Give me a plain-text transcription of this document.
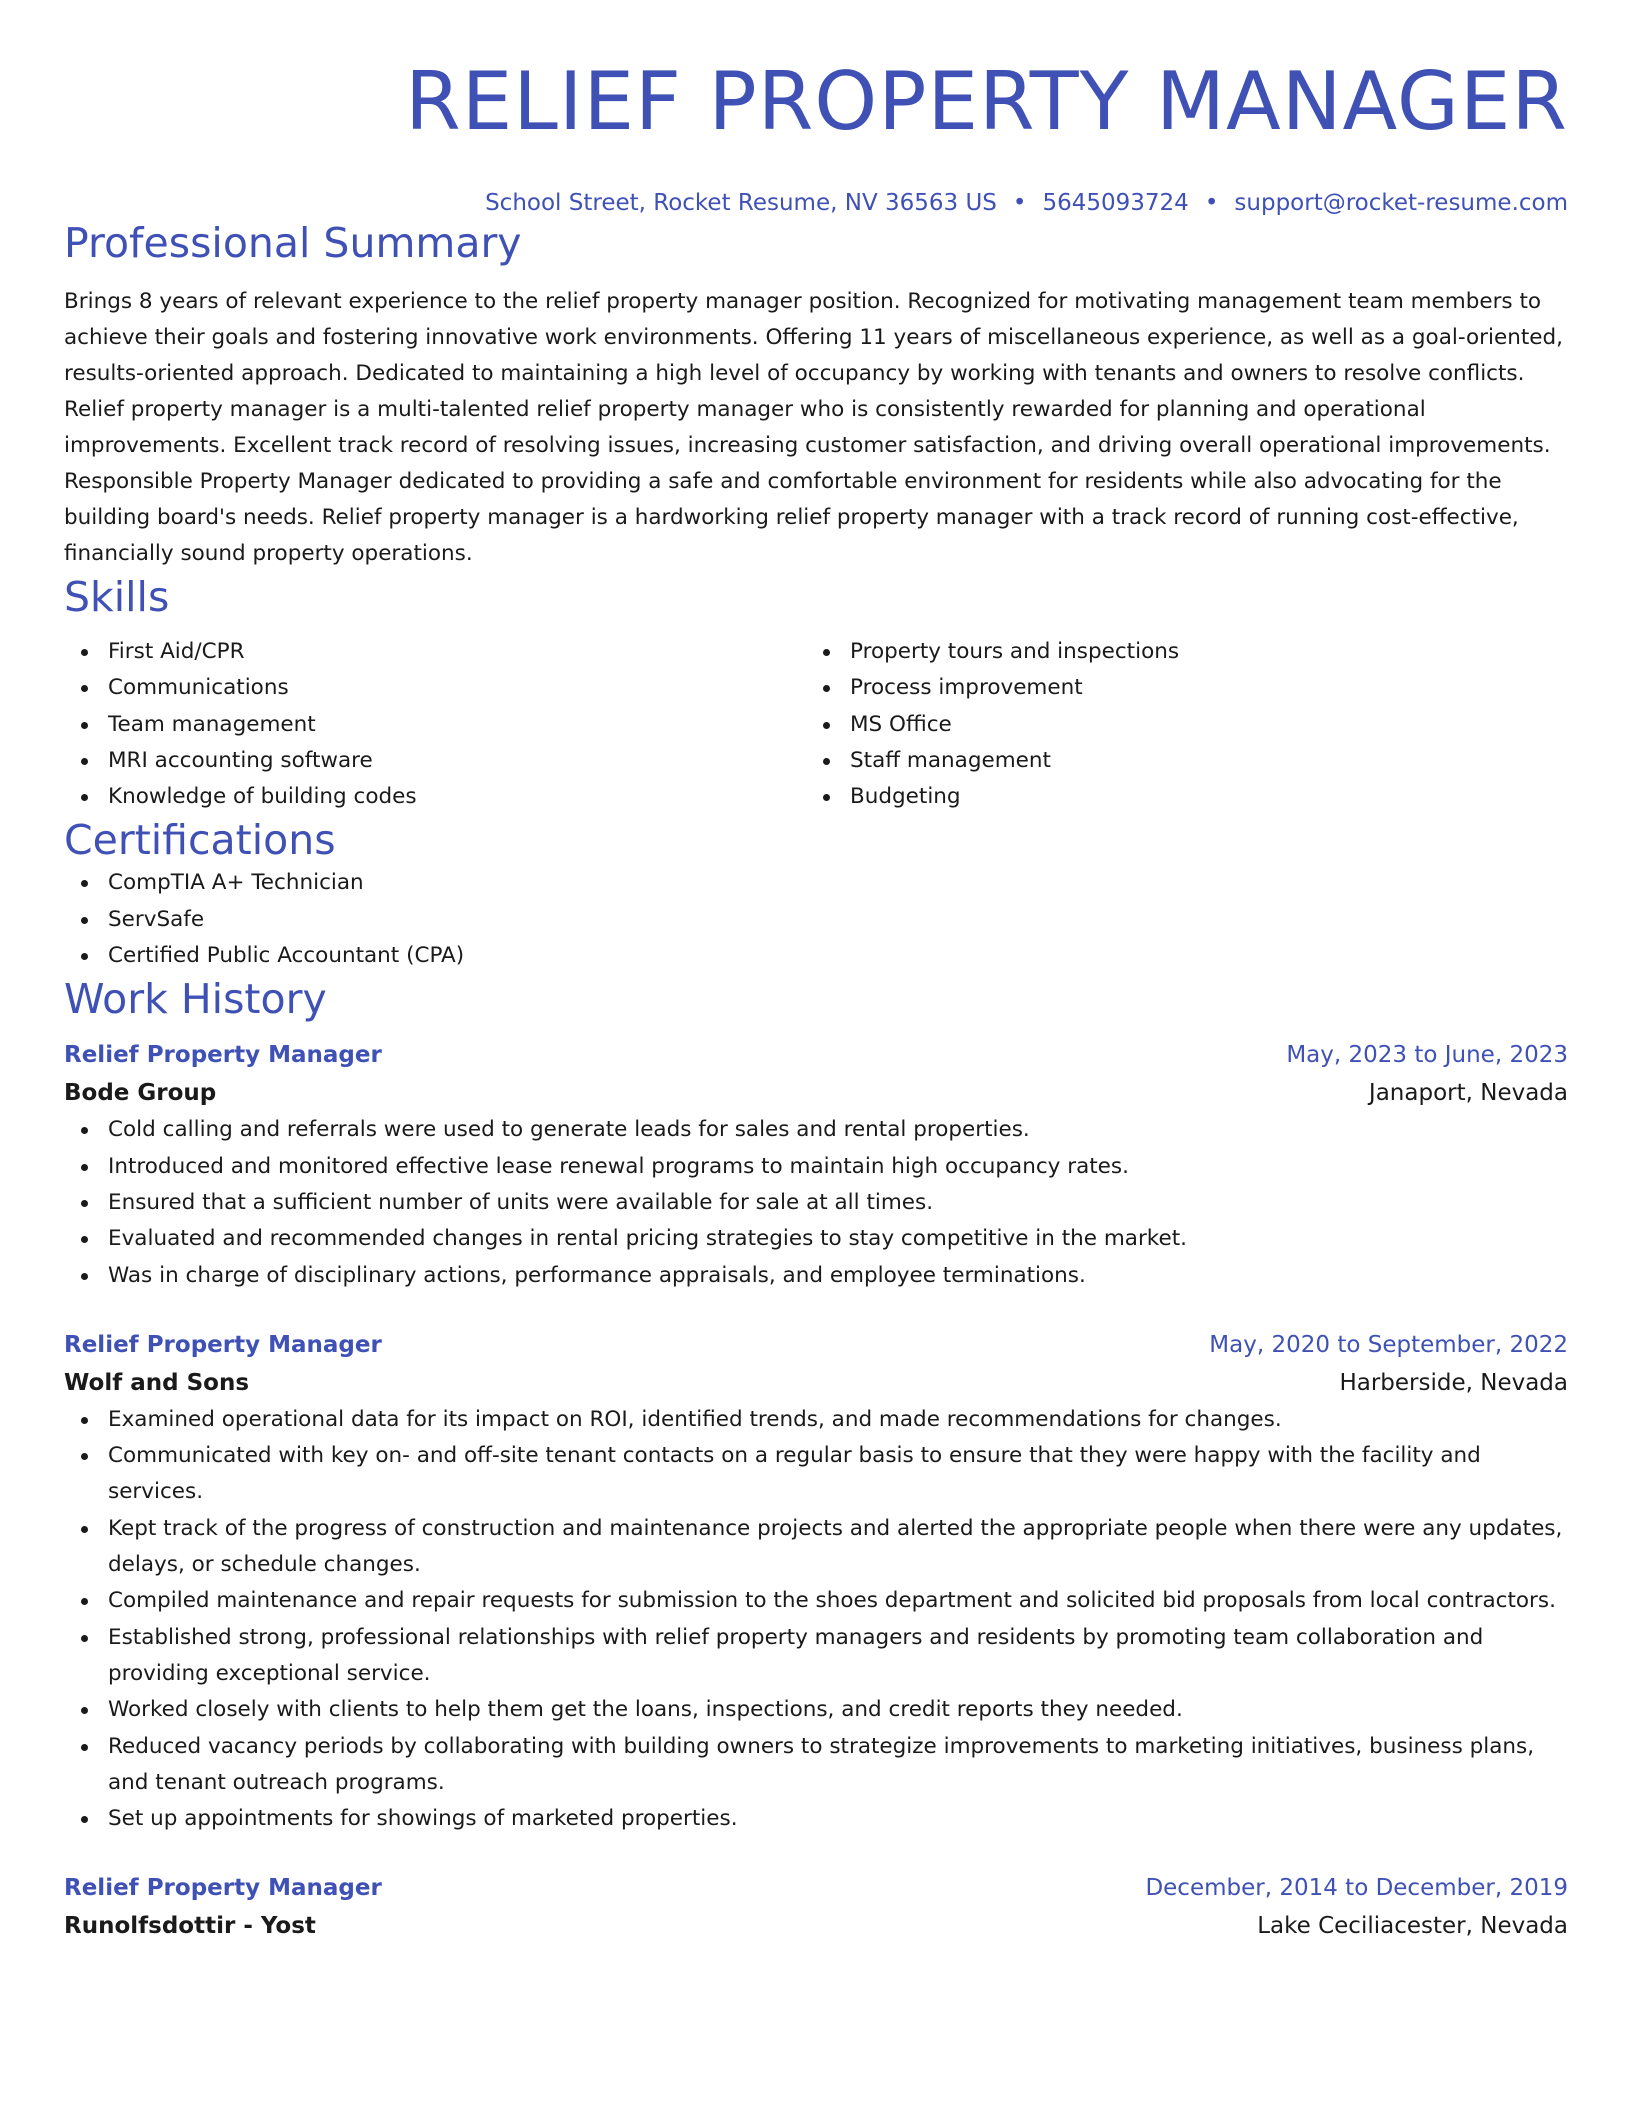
RELIEF PROPERTY MANAGER
School Street, Rocket Resume, NV 36563 US • 5645093724 • support@rocket-resume.com
Professional Summary
Brings 8 years of relevant experience to the relief property manager position. Recognized for motivating management team members to achieve their goals and fostering innovative work environments. Offering 11 years of miscellaneous experience, as well as a goal-oriented, results-oriented approach. Dedicated to maintaining a high level of occupancy by working with tenants and owners to resolve conflicts. Relief property manager is a multi-talented relief property manager who is consistently rewarded for planning and operational improvements. Excellent track record of resolving issues, increasing customer satisfaction, and driving overall operational improvements. Responsible Property Manager dedicated to providing a safe and comfortable environment for residents while also advocating for the building board's needs. Relief property manager is a hardworking relief property manager with a track record of running cost-effective, financially sound property operations.
Skills
First Aid/CPR
Communications
Team management
MRI accounting software
Knowledge of building codes
Property tours and inspections
Process improvement
MS Office
Staff management
Budgeting
Certifications
CompTIA A+ Technician
ServSafe
Certified Public Accountant (CPA)
Work History
Relief Property Manager	May, 2023 to June, 2023
Bode Group	Janaport, Nevada
Cold calling and referrals were used to generate leads for sales and rental properties.
Introduced and monitored effective lease renewal programs to maintain high occupancy rates.
Ensured that a sufficient number of units were available for sale at all times.
Evaluated and recommended changes in rental pricing strategies to stay competitive in the market.
Was in charge of disciplinary actions, performance appraisals, and employee terminations.
Relief Property Manager	May, 2020 to September, 2022
Wolf and Sons	Harberside, Nevada
Examined operational data for its impact on ROI, identified trends, and made recommendations for changes.
Communicated with key on- and off-site tenant contacts on a regular basis to ensure that they were happy with the facility and services.
Kept track of the progress of construction and maintenance projects and alerted the appropriate people when there were any updates, delays, or schedule changes.
Compiled maintenance and repair requests for submission to the shoes department and solicited bid proposals from local contractors.
Established strong, professional relationships with relief property managers and residents by promoting team collaboration and providing exceptional service.
Worked closely with clients to help them get the loans, inspections, and credit reports they needed.
Reduced vacancy periods by collaborating with building owners to strategize improvements to marketing initiatives, business plans, and tenant outreach programs.
Set up appointments for showings of marketed properties.
Relief Property Manager	December, 2014 to December, 2019
Runolfsdottir - Yost	Lake Ceciliacester, Nevada
